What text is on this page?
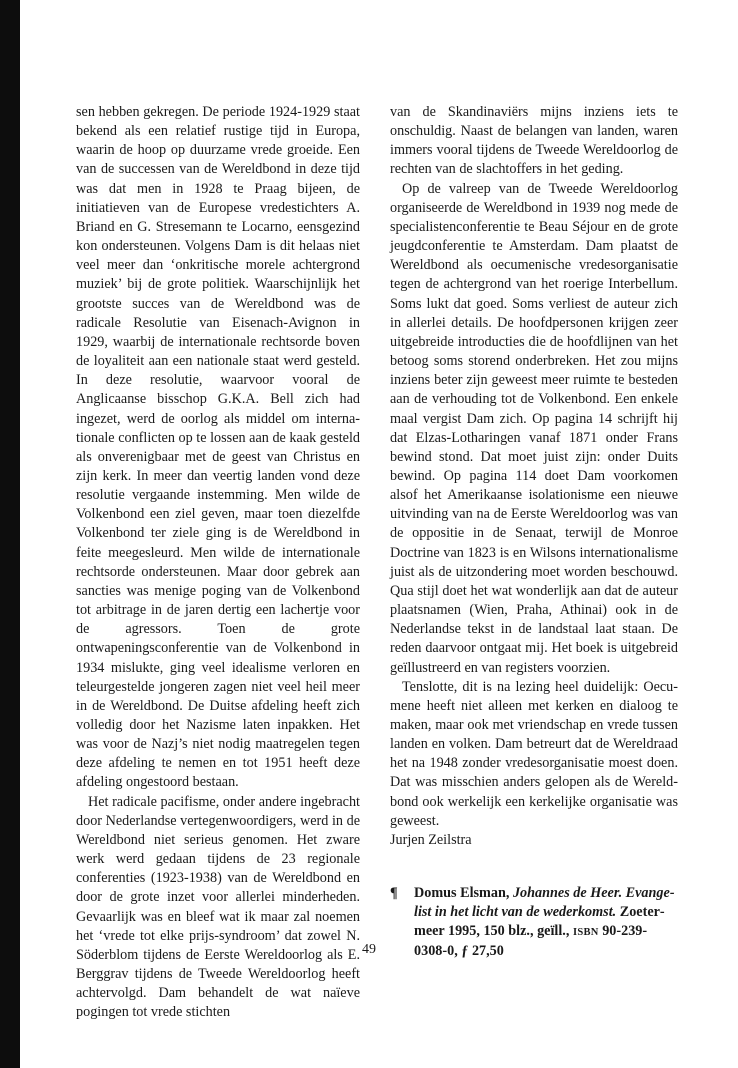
sen hebben gekregen. De periode 1924-1929 staat bekend als een relatief rustige tijd in Europa, waarin de hoop op duurzame vrede groeide. Een van de successen van de Wereldbond in deze tijd was dat men in 1928 te Praag bijeen, de initiatieven van de Europese vredestichters A. Briand en G. Stresemann te Locarno, eensgezind kon ondersteunen. Volgens Dam is dit helaas niet veel meer dan ‘onkritische morele achtergrond muziek’ bij de grote politiek. Waarschijnlijk het grootste succes van de Wereldbond was de radicale Resolutie van Eisenach-Avignon in 1929, waarbij de internationale rechtsorde boven de loyaliteit aan een nationale staat werd gesteld. In deze resolutie, waarvoor vooral de Anglicaanse bisschop G.K.A. Bell zich had ingezet, werd de oorlog als middel om internationale conflicten op te lossen aan de kaak gesteld als onverenigbaar met de geest van Christus en zijn kerk. In meer dan veertig landen vond deze resolutie vergaande instemming. Men wilde de Volkenbond een ziel geven, maar toen diezelfde Volkenbond ter ziele ging is de Wereldbond in feite meegesleurd. Men wilde de internationale rechtsorde ondersteunen. Maar door gebrek aan sancties was menige poging van de Volkenbond tot arbitrage in de jaren dertig een lachertje voor de agressors. Toen de grote ontwapeningsconferentie van de Volkenbond in 1934 mislukte, ging veel idealisme verloren en teleurgestelde jongeren zagen niet veel heil meer in de Wereldbond. De Duitse afdeling heeft zich volledig door het Nazisme laten inpakken. Het was voor de Nazj’s niet nodig maatregelen tegen deze afdeling te nemen en tot 1951 heeft deze afdeling ongestoord bestaan.

Het radicale pacifisme, onder andere ingebracht door Nederlandse vertegenwoordigers, werd in de Wereldbond niet serieus genomen. Het zware werk werd gedaan tijdens de 23 regionale conferenties (1923-1938) van de Wereldbond en door de grote inzet voor allerlei minderheden. Gevaarlijk was en bleef wat ik maar zal noemen het ‘vrede tot elke prijs-syndroom’ dat zowel N. Söderblom tijdens de Eerste Wereldoorlog als E. Berggrav tijdens de Tweede Wereldoorlog heeft achtervolgd. Dam behandelt de wat naïeve pogingen tot vrede stichten

van de Skandinaviërs mijns inziens iets te onschuldig. Naast de belangen van landen, waren immers vooral tijdens de Tweede Wereldoorlog de rechten van de slachtoffers in het geding.

Op de valreep van de Tweede Wereldoorlog organiseerde de Wereldbond in 1939 nog mede de specialistenconferentie te Beau Séjour en de grote jeugdconferentie te Amsterdam. Dam plaatst de Wereldbond als oecumenische vredesorganisatie tegen de achtergrond van het roerige Interbellum. Soms lukt dat goed. Soms verliest de auteur zich in allerlei details. De hoofdpersonen krijgen zeer uitgebreide introducties die de hoofdlijnen van het betoog soms storend onderbreken. Het zou mijns inziens beter zijn geweest meer ruimte te besteden aan de verhouding tot de Volkenbond. Een enkele maal vergist Dam zich. Op pagina 14 schrijft hij dat Elzas-Lotharingen vanaf 1871 onder Frans bewind stond. Dat moet juist zijn: onder Duits bewind. Op pagina 114 doet Dam voorkomen alsof het Amerikaanse isolationisme een nieuwe uitvinding van na de Eerste Wereldoorlog was van de oppositie in de Senaat, terwijl de Monroe Doctrine van 1823 is en Wilsons internationalisme juist als de uitzondering moet worden beschouwd. Qua stijl doet het wat wonderlijk aan dat de auteur plaatsnamen (Wien, Praha, Athinai) ook in de Nederlandse tekst in de landstaal laat staan. De reden daarvoor ontgaat mij. Het boek is uitgebreid geïllustreerd en van registers voorzien.

Tenslotte, dit is na lezing heel duidelijk: Oecumene heeft niet alleen met kerken en dialoog te maken, maar ook met vriendschap en vrede tussen landen en volken. Dam betreurt dat de Wereldraad het na 1948 zonder vredesorganisatie moest doen. Dat was misschien anders gelopen als de Wereldbond ook werkelijk een kerkelijke organisatie was geweest.

Jurjen Zeilstra
¶ Domus Elsman, Johannes de Heer. Evangelist in het licht van de wederkomst. Zoetermeer 1995, 150 blz., geïll., ISBN 90-239-0308-0, ƒ 27,50
49
